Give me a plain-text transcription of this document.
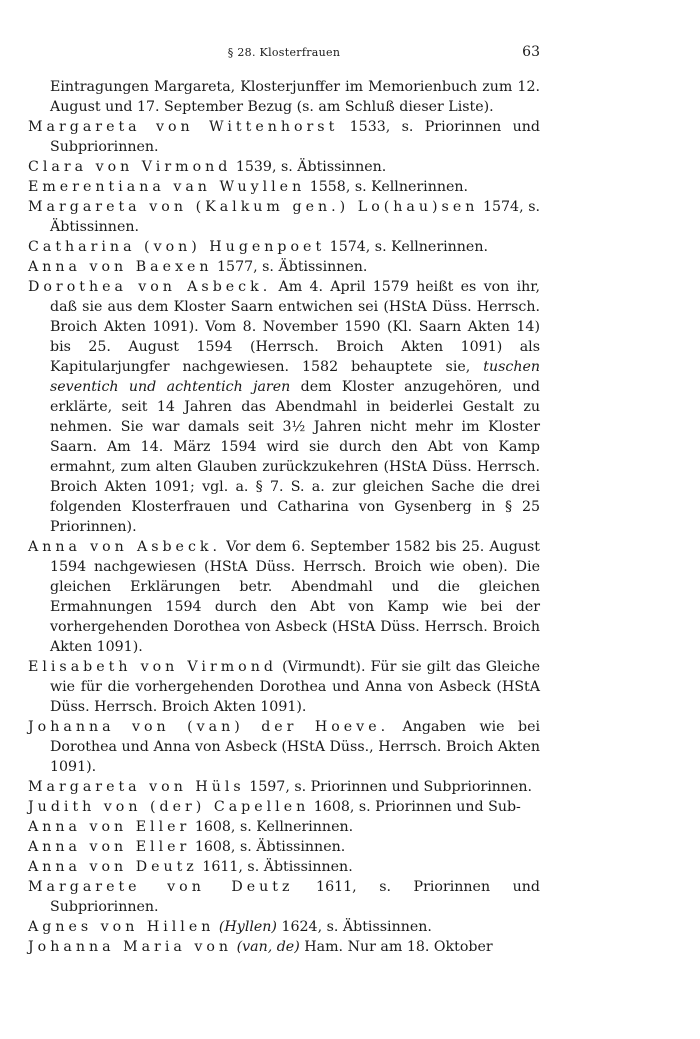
§ 28. Klosterfrauen	63

Eintragungen Margareta, Klosterjunffer im Memorienbuch zum 12. August und 17. September Bezug (s. am Schluß dieser Liste).

Margareta von Wittenhorst 1533, s. Priorinnen und Subpriorinnen.

Clara von Virmond 1539, s. Äbtissinnen.

Emerentiana van Wuyllen 1558, s. Kellnerinnen.

Margareta von (Kalkum gen.) Lo(hau)sen 1574, s. Äbtissinnen.

Catharina (von) Hugenpoet 1574, s. Kellnerinnen.

Anna von Baexen 1577, s. Äbtissinnen.

Dorothea von Asbeck. Am 4. April 1579 heißt es von ihr, daß sie aus dem Kloster Saarn entwichen sei (HStA Düss. Herrsch. Broich Akten 1091). Vom 8. November 1590 (Kl. Saarn Akten 14) bis 25. August 1594 (Herrsch. Broich Akten 1091) als Kapitularjungfer nachgewiesen. 1582 behauptete sie, tuschen seventich und achtentich jaren dem Kloster anzugehören, und erklärte, seit 14 Jahren das Abendmahl in beiderlei Gestalt zu nehmen. Sie war damals seit 3½ Jahren nicht mehr im Kloster Saarn. Am 14. März 1594 wird sie durch den Abt von Kamp ermahnt, zum alten Glauben zurückzukehren (HStA Düss. Herrsch. Broich Akten 1091; vgl. a. § 7. S. a. zur gleichen Sache die drei folgenden Klosterfrauen und Catharina von Gysenberg in § 25 Priorinnen).

Anna von Asbeck. Vor dem 6. September 1582 bis 25. August 1594 nachgewiesen (HStA Düss. Herrsch. Broich wie oben). Die gleichen Erklärungen betr. Abendmahl und die gleichen Ermahnungen 1594 durch den Abt von Kamp wie bei der vorhergehenden Dorothea von Asbeck (HStA Düss. Herrsch. Broich Akten 1091).

Elisabeth von Virmond (Virmundt). Für sie gilt das Gleiche wie für die vorhergehenden Dorothea und Anna von Asbeck (HStA Düss. Herrsch. Broich Akten 1091).

Johanna von (van) der Hoeve. Angaben wie bei Dorothea und Anna von Asbeck (HStA Düss., Herrsch. Broich Akten 1091).

Margareta von Hüls 1597, s. Priorinnen und Subpriorinnen.

Judith von (der) Capellen 1608, s. Priorinnen und Sub-

Anna von Eller 1608, s. Kellnerinnen.

Anna von Eller 1608, s. Äbtissinnen.

Anna von Deutz 1611, s. Äbtissinnen.

Margarete von Deutz 1611, s. Priorinnen und Subpriorinnen.

Agnes von Hillen (Hyllen) 1624, s. Äbtissinnen.

Johanna Maria von (van, de) Ham. Nur am 18. Oktober
